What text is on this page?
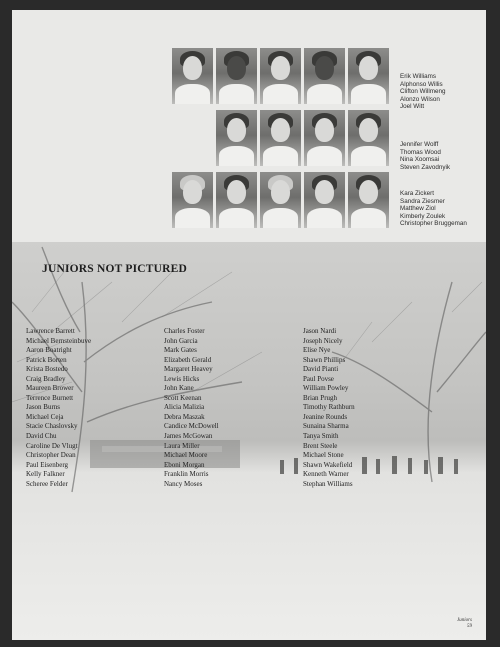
Erik Williams
Alphonso Willis
Clifton Willmeng
Alonzo Wilson
Joel Witt
Jennifer Wolff
Thomas Wood
Nina Xoomsai
Steven Zavodnyik
Kara Zickert
Sandra Ziesmer
Matthew Ziol
Kimberly Zoulek
Christopher Bruggeman
JUNIORS NOT PICTURED
Lawrence Barrett
Michael Bernsteinbuve
Aaron Boatright
Patrick Borten
Krista Bostedo
Craig Bradley
Maureen Brower
Terrence Burnett
Jason Burns
Michael Ceja
Stacie Chaslovsky
David Chu
Caroline De Vlugt
Christopher Dean
Paul Eisenberg
Kelly Falkner
Scheree Felder
Charles Foster
John Garcia
Mark Gates
Elizabeth Gerald
Margaret Heavey
Lewis Hicks
John Kane
Scott Keenan
Alicia Malizia
Debra Maszak
Candice McDowell
James McGowan
Laura Miller
Michael Moore
Eboni Morgan
Franklin Morris
Nancy Moses
Jason Nardi
Joseph Nicely
Elise Nye
Shawn Phillips
David Pianti
Paul Povse
William Powley
Brian Prugh
Timothy Rathburn
Jeanine Rounds
Sunaina Sharma
Tanya Smith
Brent Steele
Michael Stone
Shawn Wakefield
Kenneth Warner
Stephan Williams
Juniors
59
